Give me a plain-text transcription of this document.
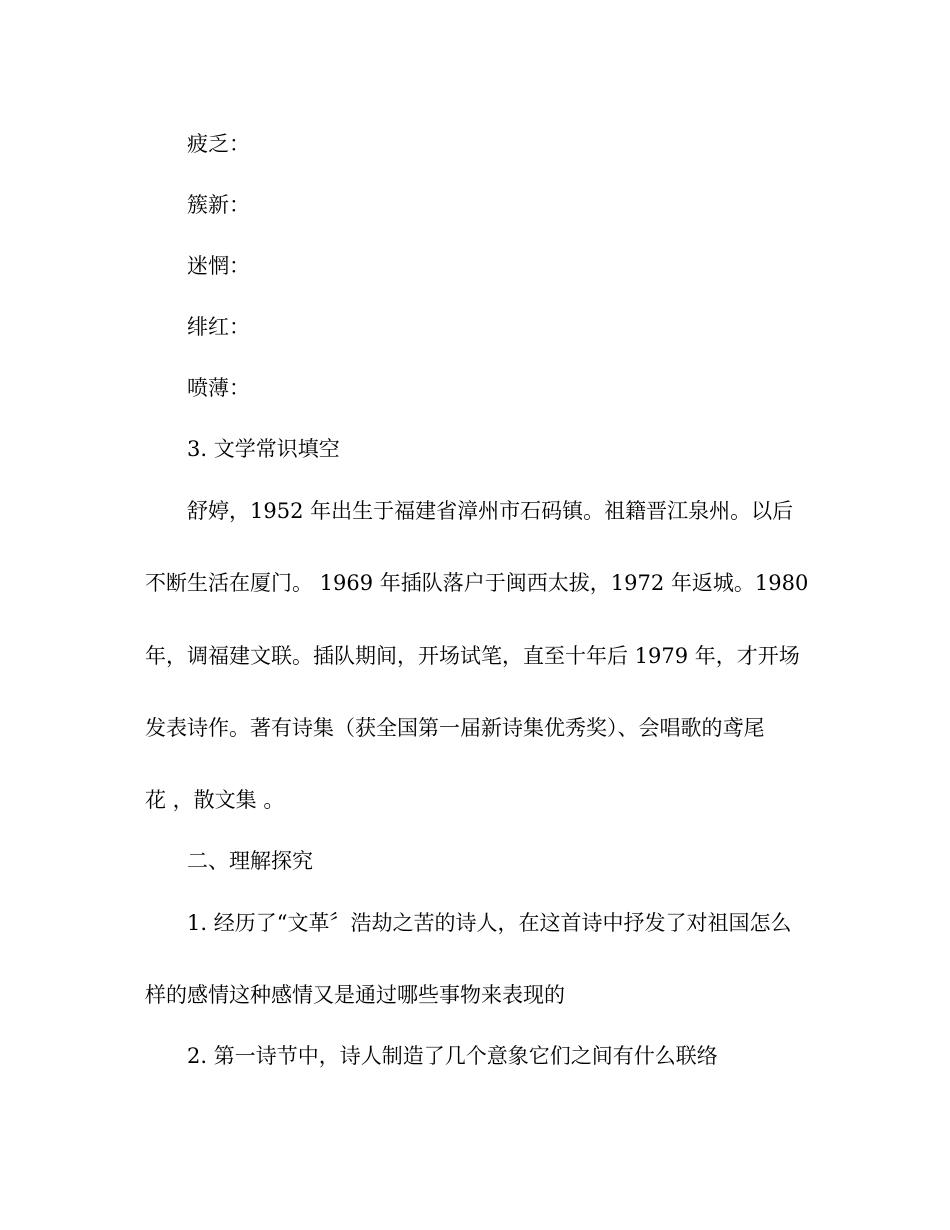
疲乏：
簇新：
迷惘：
绯红：
喷薄：
3. 文学常识填空
舒婷，1952 年出生于福建省漳州市石码镇。祖籍晋江泉州。以后
不断生活在厦门。 1969 年插队落户于闽西太拔，1972 年返城。1980
年，调福建文联。插队期间，开场试笔，直至十年后 1979 年，才开场
发表诗作。著有诗集（获全国第一届新诗集优秀奖）、会唱歌的鸢尾
花 ，散文集 。
二、理解探究
1. 经历了“文革〞浩劫之苦的诗人，在这首诗中抒发了对祖国怎么
样的感情这种感情又是通过哪些事物来表现的
2. 第一诗节中，诗人制造了几个意象它们之间有什么联络
